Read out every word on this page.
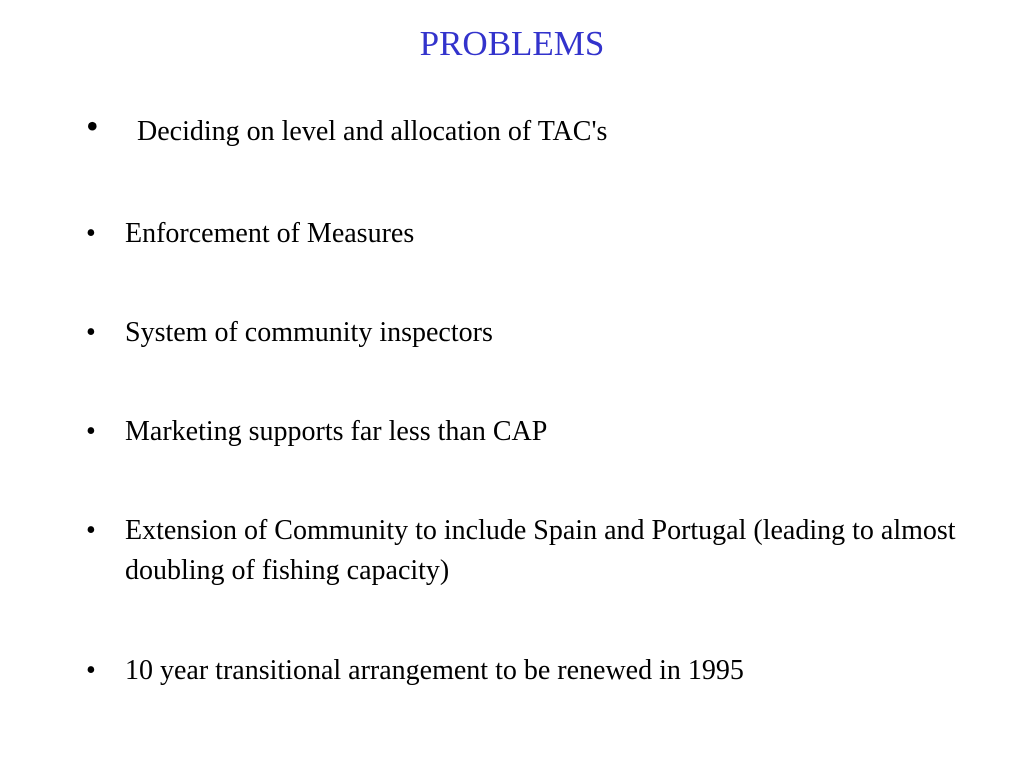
PROBLEMS
• Deciding on level and allocation of TAC's
•	Enforcement of Measures
•	System of community inspectors
•	Marketing supports far less than CAP
•	Extension of Community to include Spain and Portugal (leading to almost doubling of fishing capacity)
•	10 year transitional arrangement to be renewed in 1995
